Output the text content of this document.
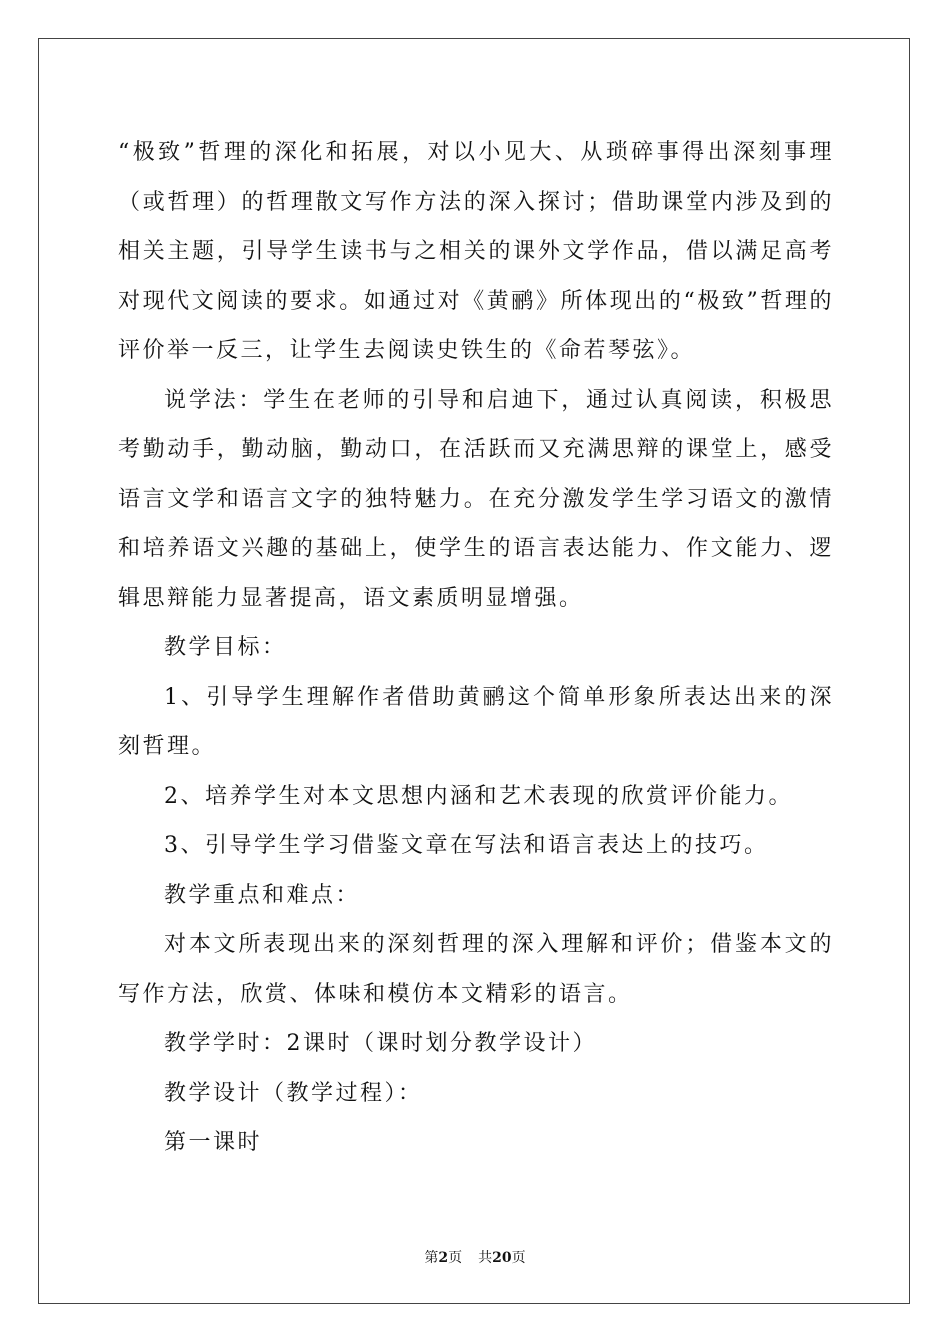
“极致”哲理的深化和拓展，对以小见大、从琐碎事得出深刻事理（或哲理）的哲理散文写作方法的深入探讨；借助课堂内涉及到的相关主题，引导学生读书与之相关的课外文学作品，借以满足高考对现代文阅读的要求。如通过对《黄鹂》所体现出的“极致”哲理的评价举一反三，让学生去阅读史铁生的《命若琴弦》。

说学法：学生在老师的引导和启迪下，通过认真阅读，积极思考勤动手，勤动脑，勤动口，在活跃而又充满思辩的课堂上，感受语言文学和语言文字的独特魅力。在充分激发学生学习语文的激情和培养语文兴趣的基础上，使学生的语言表达能力、作文能力、逻辑思辩能力显著提高，语文素质明显增强。

教学目标：

1、引导学生理解作者借助黄鹂这个简单形象所表达出来的深刻哲理。

2、培养学生对本文思想内涵和艺术表现的欣赏评价能力。

3、引导学生学习借鉴文章在写法和语言表达上的技巧。

教学重点和难点：

对本文所表现出来的深刻哲理的深入理解和评价；借鉴本文的写作方法，欣赏、体味和模仿本文精彩的语言。

教学学时：2课时（课时划分教学设计）

教学设计（教学过程）：

第一课时

第2页 共20页
